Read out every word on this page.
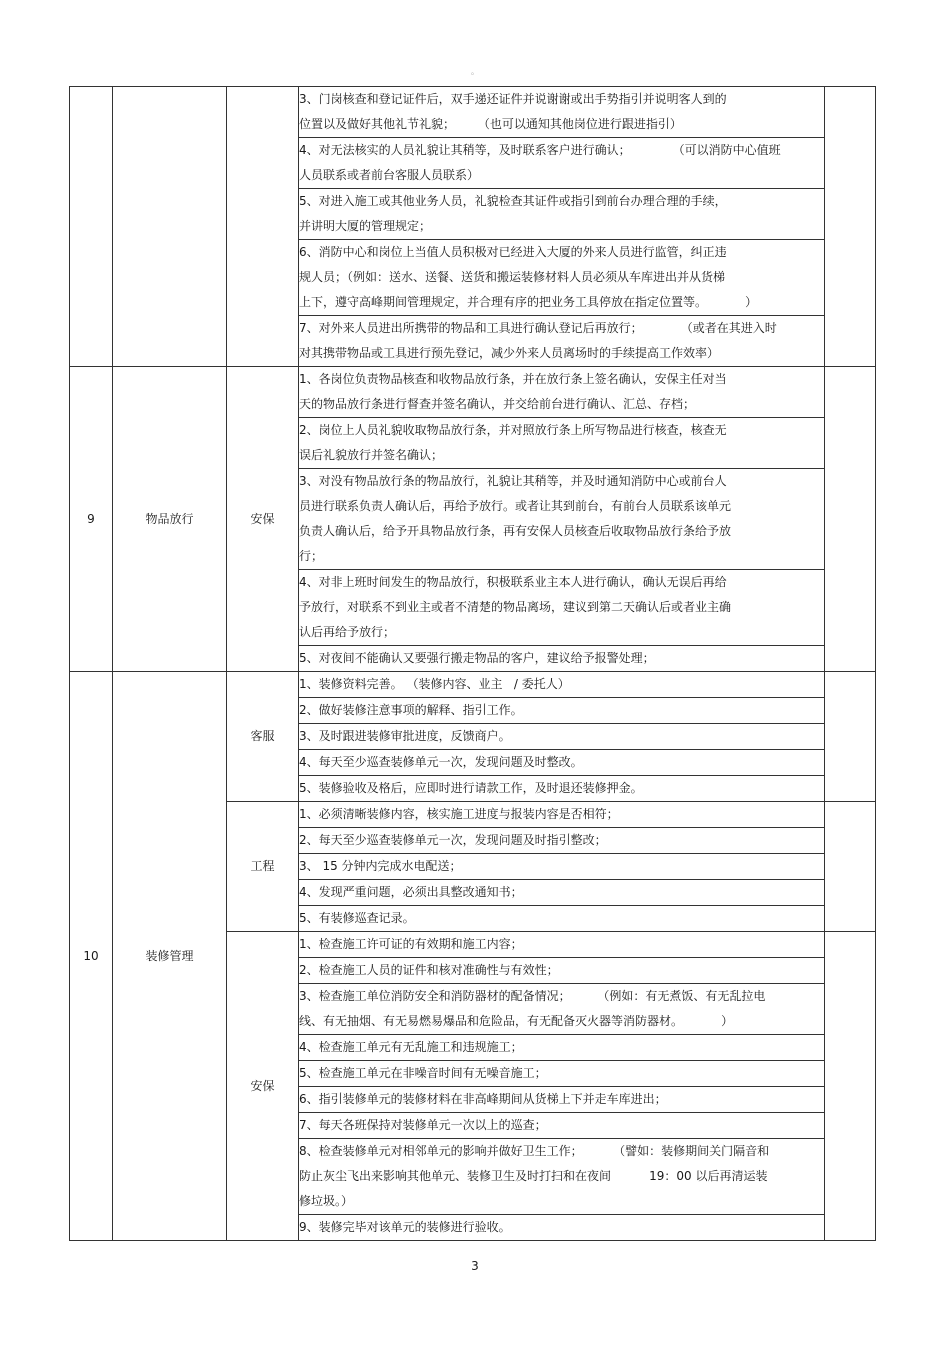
。

			3、门岗核查和登记证件后，双手递还证件并说谢谢或出手势指引并说明客人到的
位置以及做好其他礼节礼貌；      （也可以通知其他岗位进行跟进指引）	

			4、对无法核实的人员礼貌让其稍等，及时联系客户进行确认；           （可以消防中心值班
人员联系或者前台客服人员联系）	

			5、对进入施工或其他业务人员，礼貌检查其证件或指引到前台办理合理的手续，
并讲明大厦的管理规定；	

			6、消防中心和岗位上当值人员积极对已经进入大厦的外来人员进行监管，纠正违
规人员；（例如：送水、送餐、送货和搬运装修材料人员必须从车库进出并从货梯
上下，遵守高峰期间管理规定，并合理有序的把业务工具停放在指定位置等。          ）	

			7、对外来人员进出所携带的物品和工具进行确认登记后再放行；          （或者在其进入时
对其携带物品或工具进行预先登记，减少外来人员离场时的手续提高工作效率）	

9	物品放行	安保	1、各岗位负责物品核查和收物品放行条，并在放行条上签名确认，安保主任对当
天的物品放行条进行督查并签名确认，并交给前台进行确认、汇总、存档；	

			2、岗位上人员礼貌收取物品放行条，并对照放行条上所写物品进行核查，核查无
误后礼貌放行并签名确认；	

			3、对没有物品放行条的物品放行，礼貌让其稍等，并及时通知消防中心或前台人
员进行联系负责人确认后，再给予放行。或者让其到前台，有前台人员联系该单元
负责人确认后，给予开具物品放行条，再有安保人员核查后收取物品放行条给予放
行；	

			4、对非上班时间发生的物品放行，积极联系业主本人进行确认，确认无误后再给
予放行，对联系不到业主或者不清楚的物品离场，建议到第二天确认后或者业主确
认后再给予放行；	

			5、对夜间不能确认又要强行搬走物品的客户，建议给予报警处理；	

10	装修管理	客服	1、装修资料完善。 （装修内容、业主   / 委托人）	

			2、做好装修注意事项的解释、指引工作。	

			3、及时跟进装修审批进度，反馈商户。	

			4、每天至少巡查装修单元一次，发现问题及时整改。	

			5、装修验收及格后，应即时进行请款工作，及时退还装修押金。	

		工程	1、必须清晰装修内容，核实施工进度与报装内容是否相符；	

			2、每天至少巡查装修单元一次，发现问题及时指引整改；	

			3、 15 分钟内完成水电配送；	

			4、发现严重问题，必须出具整改通知书；	

			5、有装修巡查记录。	

		安保	1、检查施工许可证的有效期和施工内容；	

			2、检查施工人员的证件和核对准确性与有效性；	

			3、检查施工单位消防安全和消防器材的配备情况；       （例如：有无煮饭、有无乱拉电
线、有无抽烟、有无易燃易爆品和危险品，有无配备灭火器等消防器材。          ）	

			4、检查施工单元有无乱施工和违规施工；	

			5、检查施工单元在非噪音时间有无噪音施工；	

			6、指引装修单元的装修材料在非高峰期间从货梯上下并走车库进出；	

			7、每天各班保持对装修单元一次以上的巡查；	

			8、检查装修单元对相邻单元的影响并做好卫生工作；        （譬如：装修期间关门隔音和
防止灰尘飞出来影响其他单元、装修卫生及时打扫和在夜间          19：00 以后再清运装
修垃圾。）	

			9、装修完毕对该单元的装修进行验收。	
3
